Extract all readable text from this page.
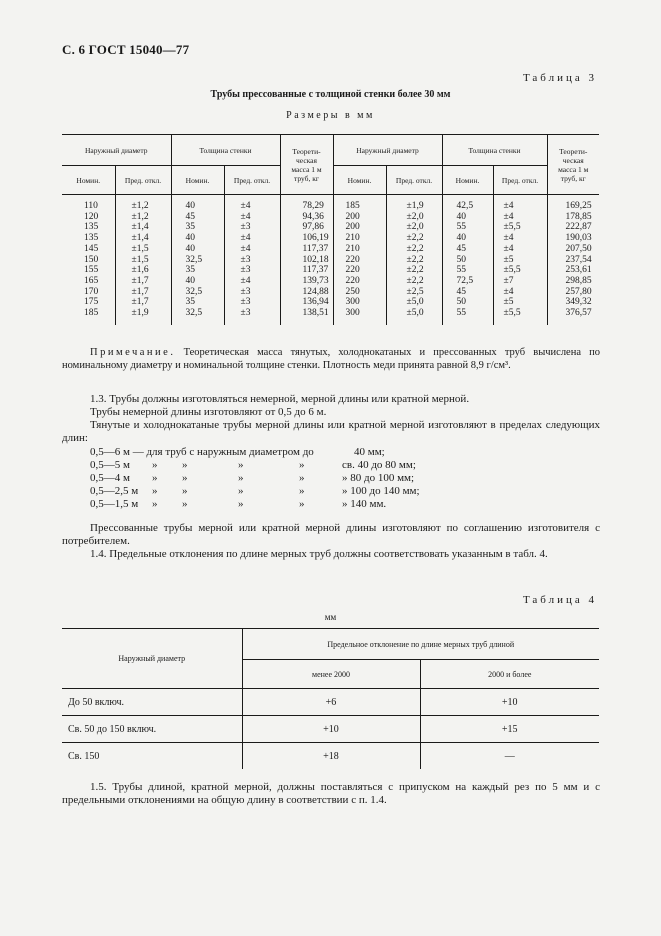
С. 6 ГОСТ 15040—77
Таблица 3
Трубы прессованные с толщиной стенки более 30 мм
Размеры в мм
Наружный диаметр		Толщина стенки		Теорети-
ческая
масса 1 м
труб, кг	Наружный диаметр		Толщина стенки		Теорети-
ческая
масса 1 м
труб, кг
Номин.	Пред. откл.	Номин.	Пред. откл.		Номин.	Пред. откл.	Номин.	Пред. откл.	
110	±1,2	40	±4	78,29	185	±1,9	42,5	±4	169,25
120	±1,2	45	±4	94,36	200	±2,0	40	±4	178,85
135	±1,4	35	±3	97,86	200	±2,0	55	±5,5	222,87
135	±1,4	40	±4	106,19	210	±2,2	40	±4	190,03
145	±1,5	40	±4	117,37	210	±2,2	45	±4	207,50
150	±1,5	32,5	±3	102,18	220	±2,2	50	±5	237,54
155	±1,6	35	±3	117,37	220	±2,2	55	±5,5	253,61
165	±1,7	40	±4	139,73	220	±2,2	72,5	±7	298,85
170	±1,7	32,5	±3	124,88	250	±2,5	45	±4	257,80
175	±1,7	35	±3	136,94	300	±5,0	50	±5	349,32
185	±1,9	32,5	±3	138,51	300	±5,0	55	±5,5	376,57
Примечание. Теоретическая масса тянутых, холоднокатаных и прессованных труб вычислена по номинальному диаметру и номинальной толщине стенки. Плотность меди принята равной 8,9 г/см³.
1.3. Трубы должны изготовляться немерной, мерной длины или кратной мерной.
Трубы немерной длины изготовляют от 0,5 до 6 м.
Тянутые и холоднокатаные трубы мерной длины или кратной мерной изготовляют в пределах следующих длин:
0,5—6 м — для труб с наружным диаметром до	40 мм;
0,5—5 м » »	»	»	св. 40 до 80 мм;
0,5—4 м » »	»	»	» 80 до 100 мм;
0,5—2,5 м » »	»	»	» 100 до 140 мм;
0,5—1,5 м » »	»	»	» 140 мм.
Прессованные трубы мерной или кратной мерной длины изготовляют по соглашению изготовителя с потребителем.
1.4. Предельные отклонения по длине мерных труб должны соответствовать указанным в табл. 4.
Таблица 4
мм
Наружный диаметр	Предельное отклонение по длине мерных труб длиной	
	менее 2000	2000 и более
До 50 включ.	+6	+10
Св. 50 до 150 включ.	+10	+15
Св. 150	+18	—
1.5. Трубы длиной, кратной мерной, должны поставляться с припуском на каждый рез по 5 мм и с предельными отклонениями на общую длину в соответствии с п. 1.4.
